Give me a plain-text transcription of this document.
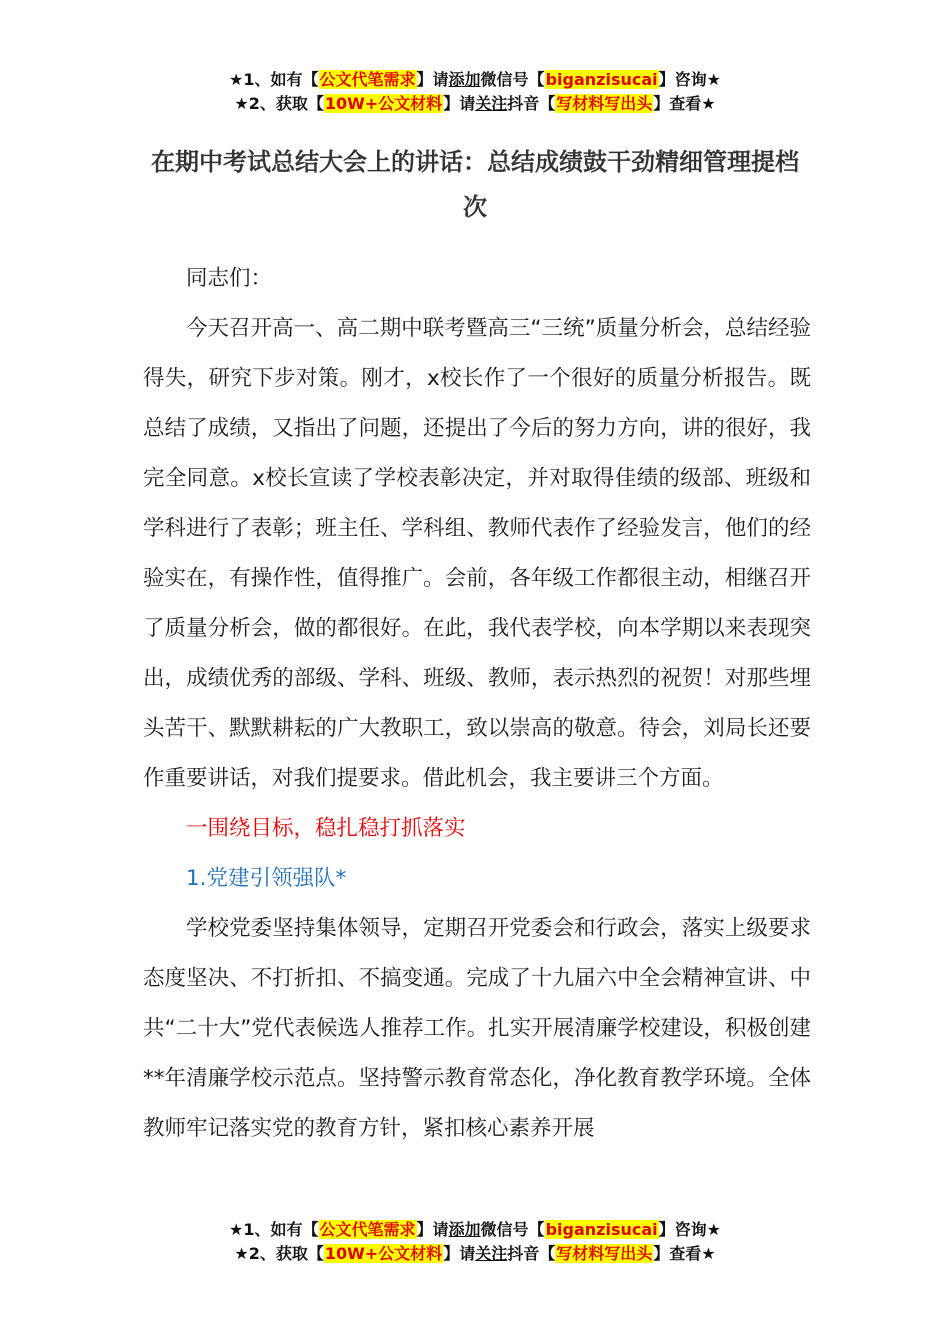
★1、如有【公文代笔需求】请添加微信号【biganzisucai】咨询★
★2、获取【10W+公文材料】请关注抖音【写材料写出头】查看★
在期中考试总结大会上的讲话：总结成绩鼓干劲精细管理提档次

同志们：

今天召开高一、高二期中联考暨高三“三统”质量分析会，总结经验得失，研究下步对策。刚才，x校长作了一个很好的质量分析报告。既总结了成绩，又指出了问题，还提出了今后的努力方向，讲的很好，我完全同意。x校长宣读了学校表彰决定，并对取得佳绩的级部、班级和学科进行了表彰；班主任、学科组、教师代表作了经验发言，他们的经验实在，有操作性，值得推广。会前，各年级工作都很主动，相继召开了质量分析会，做的都很好。在此，我代表学校，向本学期以来表现突出，成绩优秀的部级、学科、班级、教师，表示热烈的祝贺！对那些埋头苦干、默默耕耘的广大教职工，致以崇高的敬意。待会，刘局长还要作重要讲话，对我们提要求。借此机会，我主要讲三个方面。

一围绕目标，稳扎稳打抓落实

1.党建引领强队*

学校党委坚持集体领导，定期召开党委会和行政会，落实上级要求态度坚决、不打折扣、不搞变通。完成了十九届六中全会精神宣讲、中共“二十大”党代表候选人推荐工作。扎实开展清廉学校建设，积极创建**年清廉学校示范点。坚持警示教育常态化，净化教育教学环境。全体教师牢记落实党的教育方针，紧扣核心素养开展

★1、如有【公文代笔需求】请添加微信号【biganzisucai】咨询★
★2、获取【10W+公文材料】请关注抖音【写材料写出头】查看★
